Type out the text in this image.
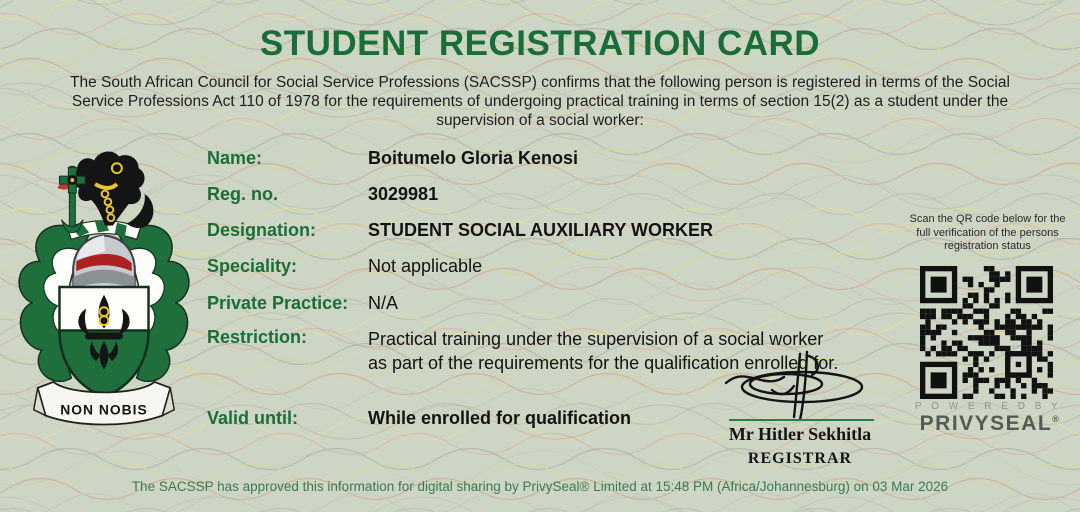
STUDENT REGISTRATION CARD
The South African Council for Social Service Professions (SACSSP) confirms that the following person is registered in terms of the Social
Service Professions Act 110 of 1978 for the requirements of undergoing practical training in terms of section 15(2) as a student under the
supervision of a social worker:
NON NOBIS
Name:	Boitumelo Gloria Kenosi
Reg. no.	3029981
Designation:	STUDENT SOCIAL AUXILIARY WORKER
Speciality:	Not applicable
Private Practice: N/A
Restriction:	Practical training under the supervision of a social worker
as part of the requirements for the qualification enrolled for.
Valid until:	While enrolled for qualification
Scan the QR code below for the full verification of the persons registration status
P O W E R E D B Y
PRIVYSEAL®
Mr Hitler Sekhitla
REGISTRAR
The SACSSP has approved this information for digital sharing by PrivySeal® Limited at 15:48 PM (Africa/Johannesburg) on 03 Mar 2026
